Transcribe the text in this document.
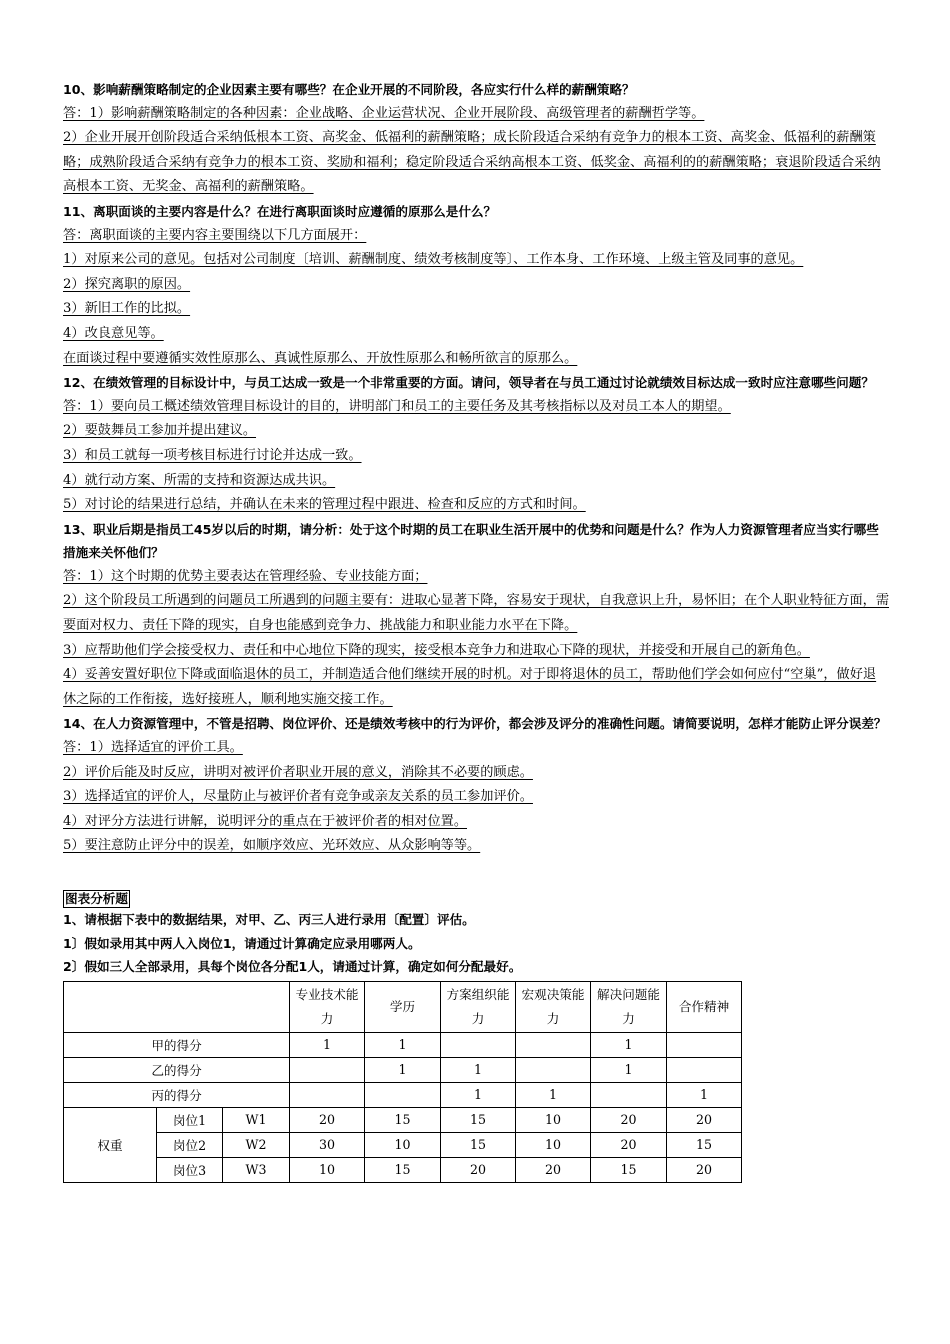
10、影响薪酬策略制定的企业因素主要有哪些？在企业开展的不同阶段，各应实行什么样的薪酬策略？

答：1）影响薪酬策略制定的各种因素：企业战略、企业运营状况、企业开展阶段、高级管理者的薪酬哲学等。

2）企业开展开创阶段适合采纳低根本工资、高奖金、低福利的薪酬策略；成长阶段适合采纳有竞争力的根本工资、高奖金、低福利的薪酬策略；成熟阶段适合采纳有竞争力的根本工资、奖励和福利；稳定阶段适合采纳高根本工资、低奖金、高福利的的薪酬策略；衰退阶段适合采纳高根本工资、无奖金、高福利的薪酬策略。

11、离职面谈的主要内容是什么？在进行离职面谈时应遵循的原那么是什么？

答：离职面谈的主要内容主要围绕以下几方面展开：

1）对原来公司的意见。包括对公司制度〔培训、薪酬制度、绩效考核制度等〕、工作本身、工作环境、上级主管及同事的意见。

2）探究离职的原因。

3）新旧工作的比拟。

4）改良意见等。

在面谈过程中要遵循实效性原那么、真诚性原那么、开放性原那么和畅所欲言的原那么。

12、在绩效管理的目标设计中，与员工达成一致是一个非常重要的方面。请问，领导者在与员工通过讨论就绩效目标达成一致时应注意哪些问题？

答：1）要向员工概述绩效管理目标设计的目的，讲明部门和员工的主要任务及其考核指标以及对员工本人的期望。

2）要鼓舞员工参加并提出建议。

3）和员工就每一项考核目标进行讨论并达成一致。

4）就行动方案、所需的支持和资源达成共识。

5）对讨论的结果进行总结，并确认在未来的管理过程中跟进、检查和反应的方式和时间。

13、职业后期是指员工45岁以后的时期，请分析：处于这个时期的员工在职业生活开展中的优势和问题是什么？作为人力资源管理者应当实行哪些措施来关怀他们？

答：1）这个时期的优势主要表达在管理经验、专业技能方面；

2）这个阶段员工所遇到的问题员工所遇到的问题主要有：进取心显著下降，容易安于现状，自我意识上升，易怀旧；在个人职业特征方面，需要面对权力、责任下降的现实，自身也能感到竞争力、挑战能力和职业能力水平在下降。

3）应帮助他们学会接受权力、责任和中心地位下降的现实，接受根本竞争力和进取心下降的现状，并接受和开展自己的新角色。

4）妥善安置好职位下降或面临退休的员工，并制造适合他们继续开展的时机。对于即将退休的员工，帮助他们学会如何应付“空巢”，做好退休之际的工作衔接，选好接班人，顺利地实施交接工作。

14、在人力资源管理中，不管是招聘、岗位评价、还是绩效考核中的行为评价，都会涉及评分的准确性问题。请简要说明，怎样才能防止评分误差？

答：1）选择适宜的评价工具。

2）评价后能及时反应，讲明对被评价者职业开展的意义，消除其不必要的顾虑。

3）选择适宜的评价人，尽量防止与被评价者有竞争或亲友关系的员工参加评价。

4）对评分方法进行讲解，说明评分的重点在于被评价者的相对位置。

5）要注意防止评分中的误差，如顺序效应、光环效应、从众影响等等。

图表分析题

1、请根据下表中的数据结果，对甲、乙、丙三人进行录用〔配置〕评估。

1〕假如录用其中两人入岗位1，请通过计算确定应录用哪两人。

2〕假如三人全部录用，具每个岗位各分配1人，请通过计算，确定如何分配最好。

			专业技术能力	学历	方案组织能力	宏观决策能力	解决问题能力	合作精神
甲的得分			1	1			1	
乙的得分				1	1		1	
丙的得分					1	1		1
权重	岗位1	W1	20	15	15	10	20	20
	岗位2	W2	30	10	15	10	20	15
	岗位3	W3	10	15	20	20	15	20
